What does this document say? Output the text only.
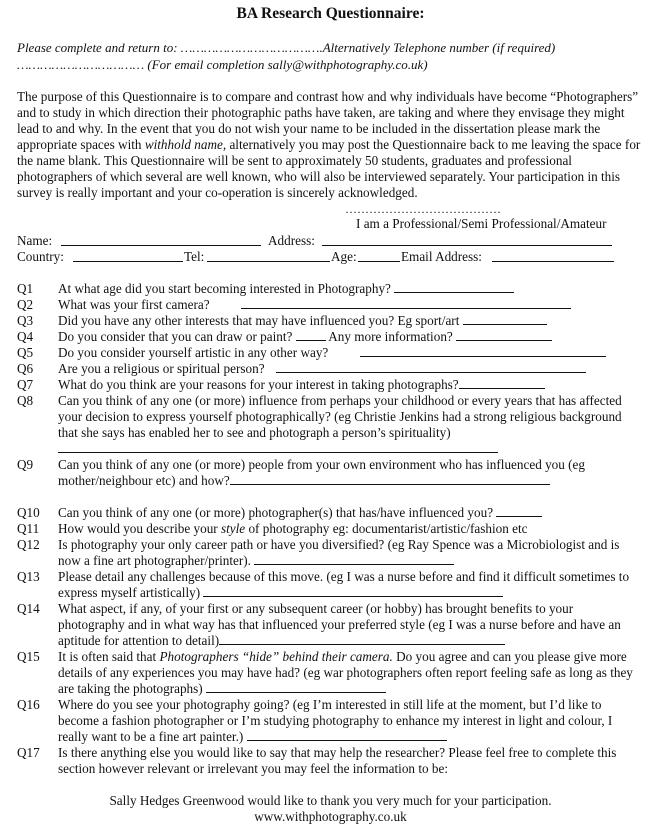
BA Research Questionnaire:
Please complete and return to: ……………………………….Alternatively Telephone number (if required)
…………………………… (For email completion sally@withphotography.co.uk)
The purpose of this Questionnaire is to compare and contrast how and why individuals have become “Photographers” and to study in which direction their photographic paths have taken, are taking and where they envisage they might lead to and why. In the event that you do not wish your name to be included in the dissertation please mark the appropriate spaces with withhold name, alternatively you may post the Questionnaire back to me leaving the space for the name blank. This Questionnaire will be sent to approximately 50 students, graduates and professional photographers of which several are well known, who will also be interviewed separately. Your participation in this survey is really important and your co-operation is sincerely acknowledged.
…………………………………
I am a Professional/Semi Professional/Amateur
Name:	Address:
Country:	Tel:	Age:	Email Address:
Q1	At what age did you start becoming interested in Photography?
Q2	What was your first camera?
Q3	Did you have any other interests that may have influenced you? Eg sport/art
Q4	Do you consider that you can draw or paint?	Any more information?
Q5	Do you consider yourself artistic in any other way?
Q6	Are you a religious or spiritual person?
Q7	What do you think are your reasons for your interest in taking photographs?
Q8	Can you think of any one (or more) influence from perhaps your childhood or every years that has affected your decision to express yourself photographically? (eg Christie Jenkins had a strong religious background that she says has enabled her to see and photograph a person’s spirituality)
Q9	Can you think of any one (or more) people from your own environment who has influenced you (eg mother/neighbour etc) and how?
Q10	Can you think of any one (or more) photographer(s) that has/have influenced you?
Q11	How would you describe your style of photography eg: documentarist/artistic/fashion etc
Q12	Is photography your only career path or have you diversified? (eg Ray Spence was a Microbiologist and is now a fine art photographer/printer).
Q13	Please detail any challenges because of this move. (eg I was a nurse before and find it difficult sometimes to express myself artistically)
Q14	What aspect, if any, of your first or any subsequent career (or hobby) has brought benefits to your photography and in what way has that influenced your preferred style (eg I was a nurse before and have an aptitude for attention to detail)
Q15	It is often said that Photographers “hide” behind their camera. Do you agree and can you please give more details of any experiences you may have had? (eg war photographers often report feeling safe as long as they are taking the photographs)
Q16	Where do you see your photography going? (eg I’m interested in still life at the moment, but I’d like to become a fashion photographer or I’m studying photography to enhance my interest in light and colour, I really want to be a fine art painter.)
Q17	Is there anything else you would like to say that may help the researcher? Please feel free to complete this section however relevant or irrelevant you may feel the information to be:
Sally Hedges Greenwood would like to thank you very much for your participation.
www.withphotography.co.uk
